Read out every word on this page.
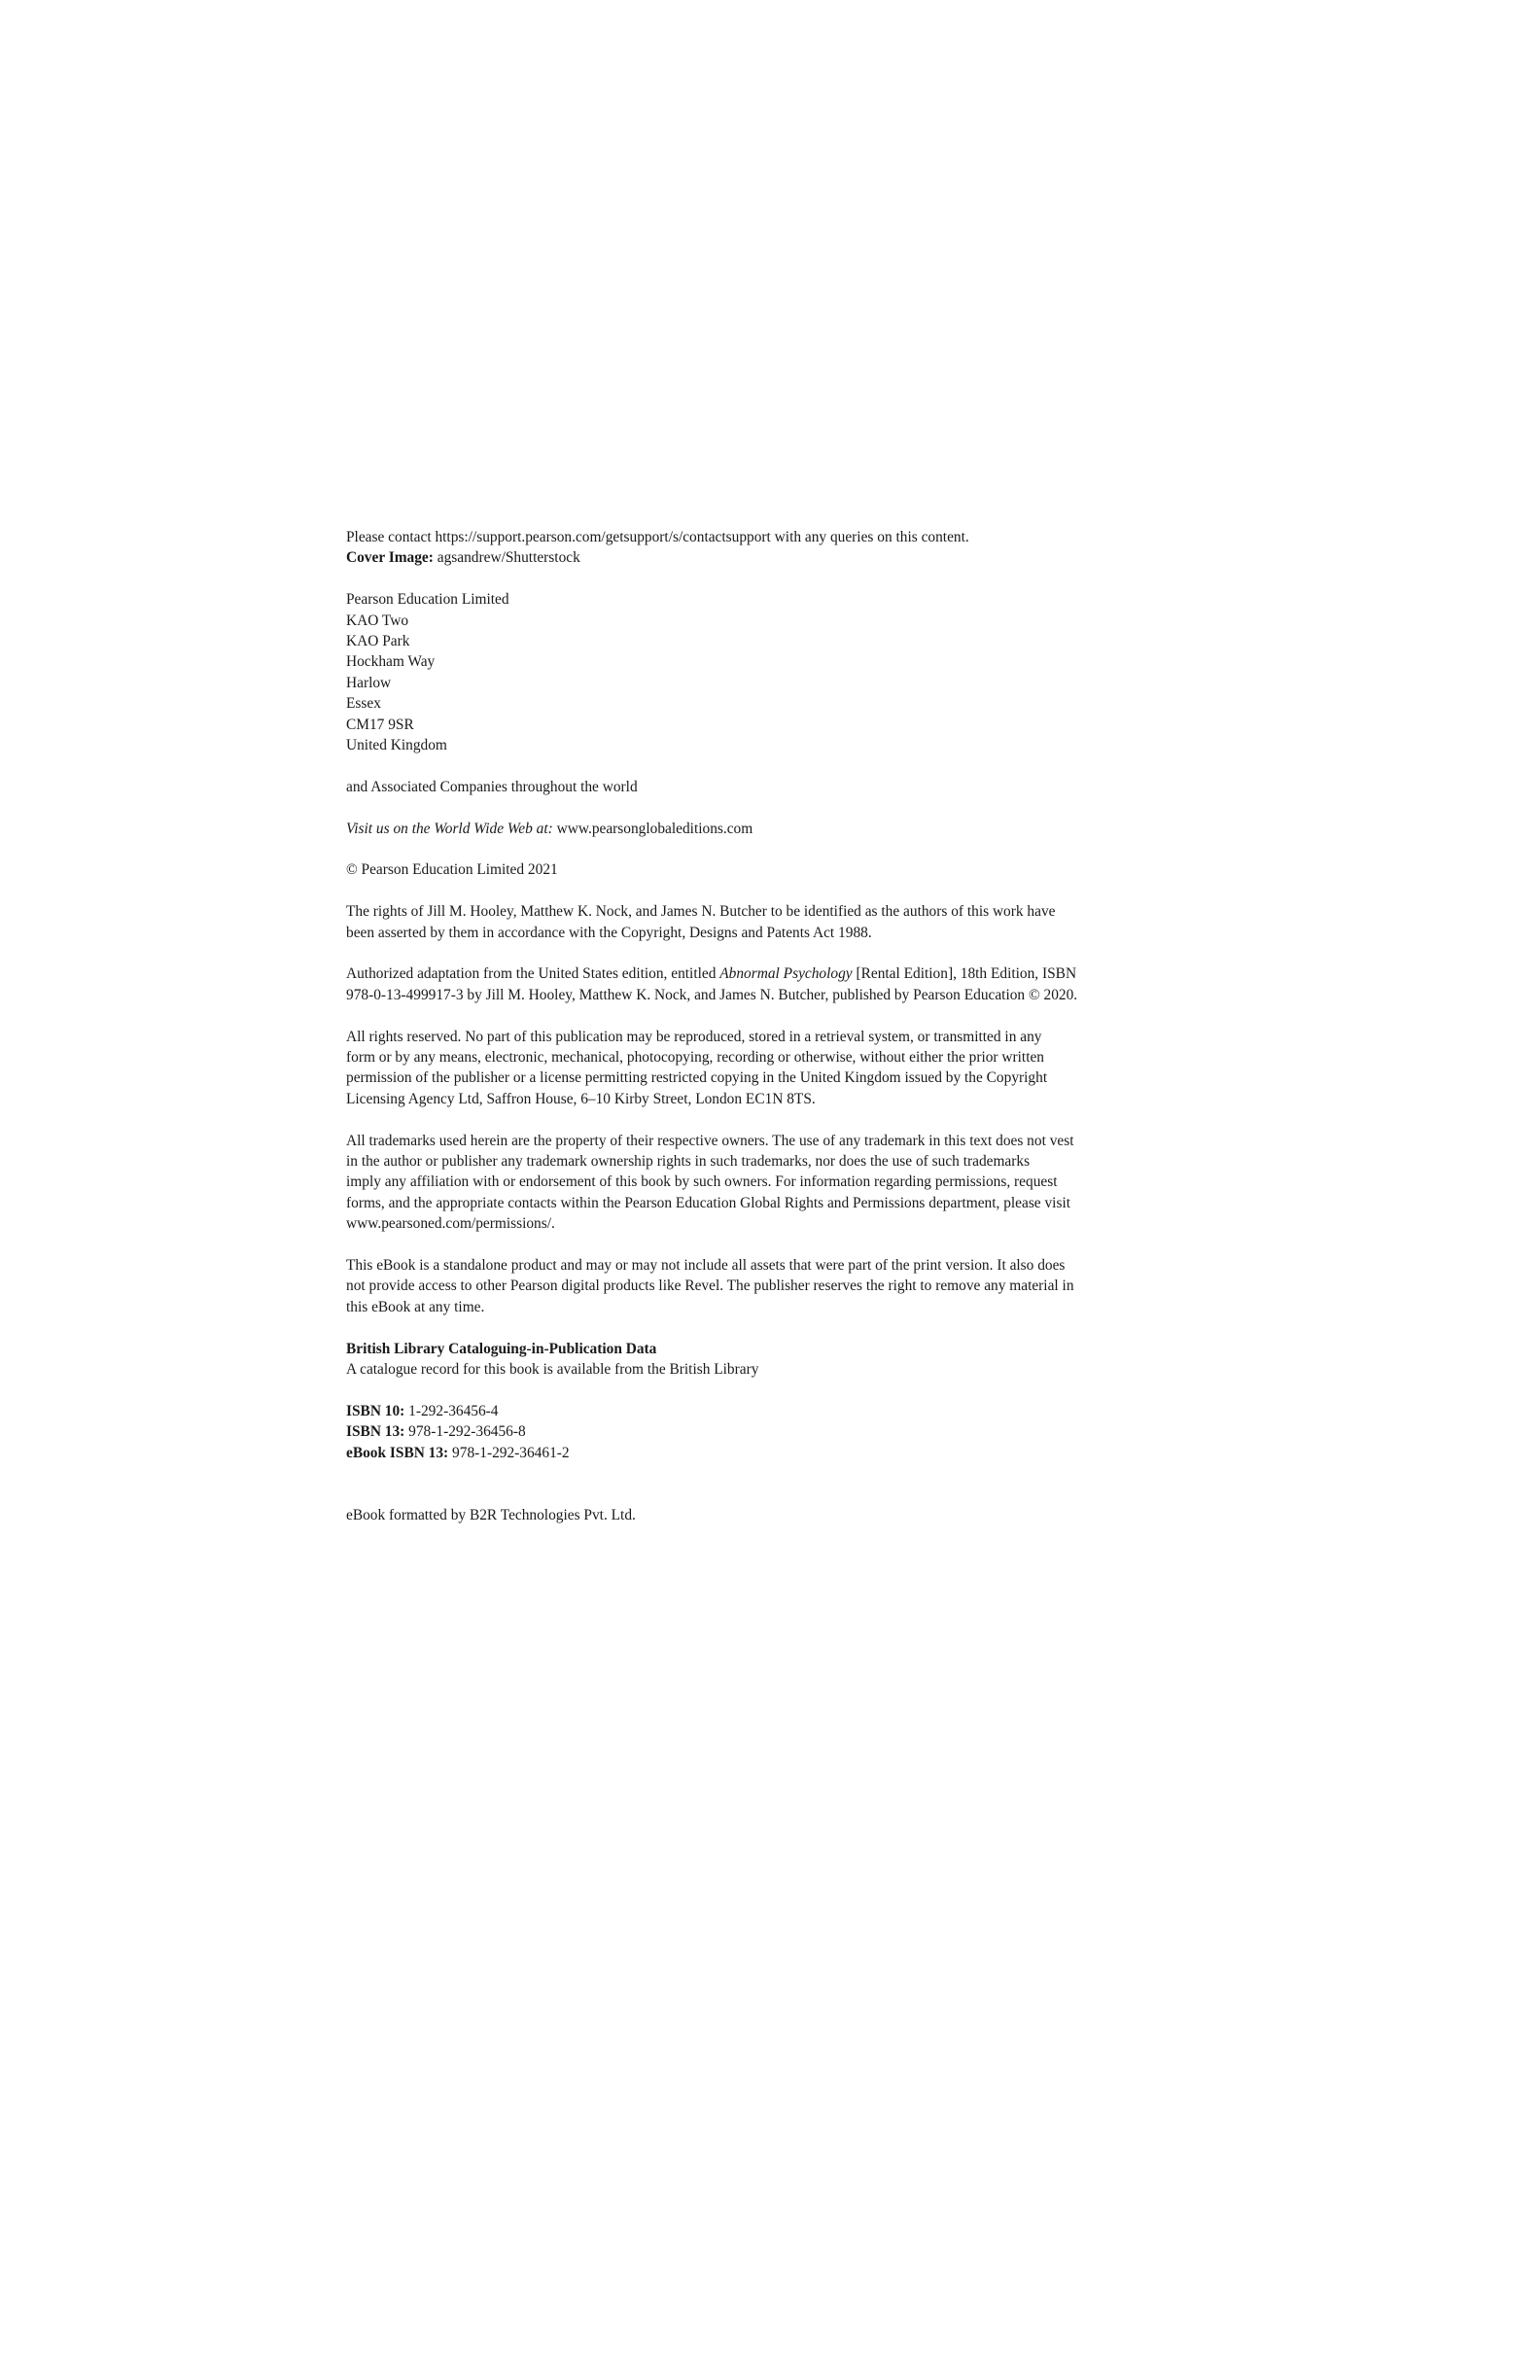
Please contact https://support.pearson.com/getsupport/s/contactsupport with any queries on this content.

Cover Image: agsandrew/Shutterstock

Pearson Education Limited

KAO Two

KAO Park

Hockham Way

Harlow

Essex

CM17 9SR

United Kingdom

and Associated Companies throughout the world

Visit us on the World Wide Web at: www.pearsonglobaleditions.com

© Pearson Education Limited 2021

The rights of Jill M. Hooley, Matthew K. Nock, and James N. Butcher to be identified as the authors of this work have

been asserted by them in accordance with the Copyright, Designs and Patents Act 1988.

Authorized adaptation from the United States edition, entitled Abnormal Psychology [Rental Edition], 18th Edition, ISBN

978-0-13-499917-3 by Jill M. Hooley, Matthew K. Nock, and James N. Butcher, published by Pearson Education © 2020.

All rights reserved. No part of this publication may be reproduced, stored in a retrieval system, or transmitted in any

form or by any means, electronic, mechanical, photocopying, recording or otherwise, without either the prior written

permission of the publisher or a license permitting restricted copying in the United Kingdom issued by the Copyright

Licensing Agency Ltd, Saffron House, 6–10 Kirby Street, London EC1N 8TS.

All trademarks used herein are the property of their respective owners. The use of any trademark in this text does not vest

in the author or publisher any trademark ownership rights in such trademarks, nor does the use of such trademarks

imply any affiliation with or endorsement of this book by such owners. For information regarding permissions, request

forms, and the appropriate contacts within the Pearson Education Global Rights and Permissions department, please visit

www.pearsoned.com/permissions/.

This eBook is a standalone product and may or may not include all assets that were part of the print version. It also does

not provide access to other Pearson digital products like Revel. The publisher reserves the right to remove any material in

this eBook at any time.

British Library Cataloguing-in-Publication Data

A catalogue record for this book is available from the British Library

ISBN 10: 1-292-36456-4

ISBN 13: 978-1-292-36456-8

eBook ISBN 13: 978-1-292-36461-2

eBook formatted by B2R Technologies Pvt. Ltd.
